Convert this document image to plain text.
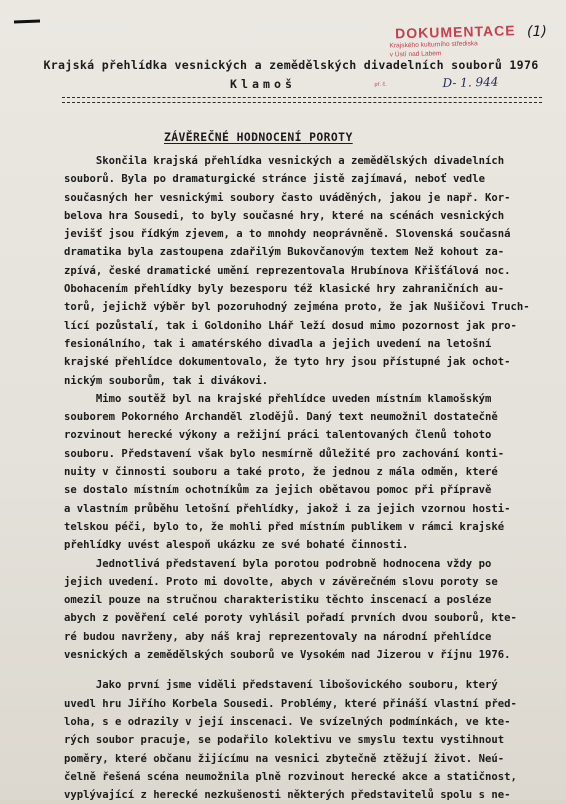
DOKUMENTACE
Krajského kulturního střediska
v Ústí nad Labem
př. č.	D- 1. 944
(1)
Krajská přehlídka vesnických a zemědělských divadelních souborů 1976
Klamoš
ZÁVĚREČNÉ HODNOCENÍ POROTY
Skončila krajská přehlídka vesnických a zemědělských divadelních
souborů. Byla po dramaturgické stránce jistě zajímavá, neboť vedle
současných her vesnickými soubory často uváděných, jakou je např. Kor-
belova hra Sousedi, to byly současné hry, které na scénách vesnických
jevišť jsou řídkým zjevem, a to mnohdy neoprávněně. Slovenská současná
dramatika byla zastoupena zdařilým Bukovčanovým textem Než kohout za-
zpívá, české dramatické umění reprezentovala Hrubínova Křišťálová noc.
Obohacením přehlídky byly bezesporu též klasické hry zahraničních au-
torů, jejichž výběr byl pozoruhodný zejména proto, že jak Nušičovi Truch-
lící pozůstalí, tak i Goldoniho Lhář leží dosud mimo pozornost jak pro-
fesionálního, tak i amatérského divadla a jejich uvedení na letošní
krajské přehlídce dokumentovalo, že tyto hry jsou přístupné jak ochot-
nickým souborům, tak i divákovi.
Mimo soutěž byl na krajské přehlídce uveden místním klamošským
souborem Pokorného Archanděl zlodějů. Daný text neumožnil dostatečně
rozvinout herecké výkony a režijní práci talentovaných členů tohoto
souboru. Představení však bylo nesmírně důležité pro zachování konti-
nuity v činnosti souboru a také proto, že jednou z mála odměn, které
se dostalo místním ochotníkům za jejich obětavou pomoc při přípravě
a vlastním průběhu letošní přehlídky, jakož i za jejich vzornou hosti-
telskou péči, bylo to, že mohli před místním publikem v rámci krajské
přehlídky uvést alespoň ukázku ze své bohaté činnosti.
Jednotlivá představení byla porotou podrobně hodnocena vždy po
jejich uvedení. Proto mi dovolte, abych v závěrečném slovu poroty se
omezil pouze na stručnou charakteristiku těchto inscenací a posléze
abych z pověření celé poroty vyhlásil pořadí prvních dvou souborů, kte-
ré budou navrženy, aby náš kraj reprezentovaly na národní přehlídce
vesnických a zemědělských souborů ve Vysokém nad Jizerou v říjnu 1976.
Jako první jsme viděli představení libošovického souboru, který
uvedl hru Jiřího Korbela Sousedi. Problémy, které přináší vlastní před-
loha, s e odrazily v její inscenaci. Ve svízelných podmínkách, ve kte-
rých soubor pracuje, se podařilo kolektivu ve smyslu textu vystihnout
poměry, které občanu žijícímu na vesnici zbytečně ztěžují život. Neú-
čelně řešená scéna neumožnila plně rozvinout herecké akce a statičnost,
vyplývající z herecké nezkušenosti některých představitelů spolu s ne-
